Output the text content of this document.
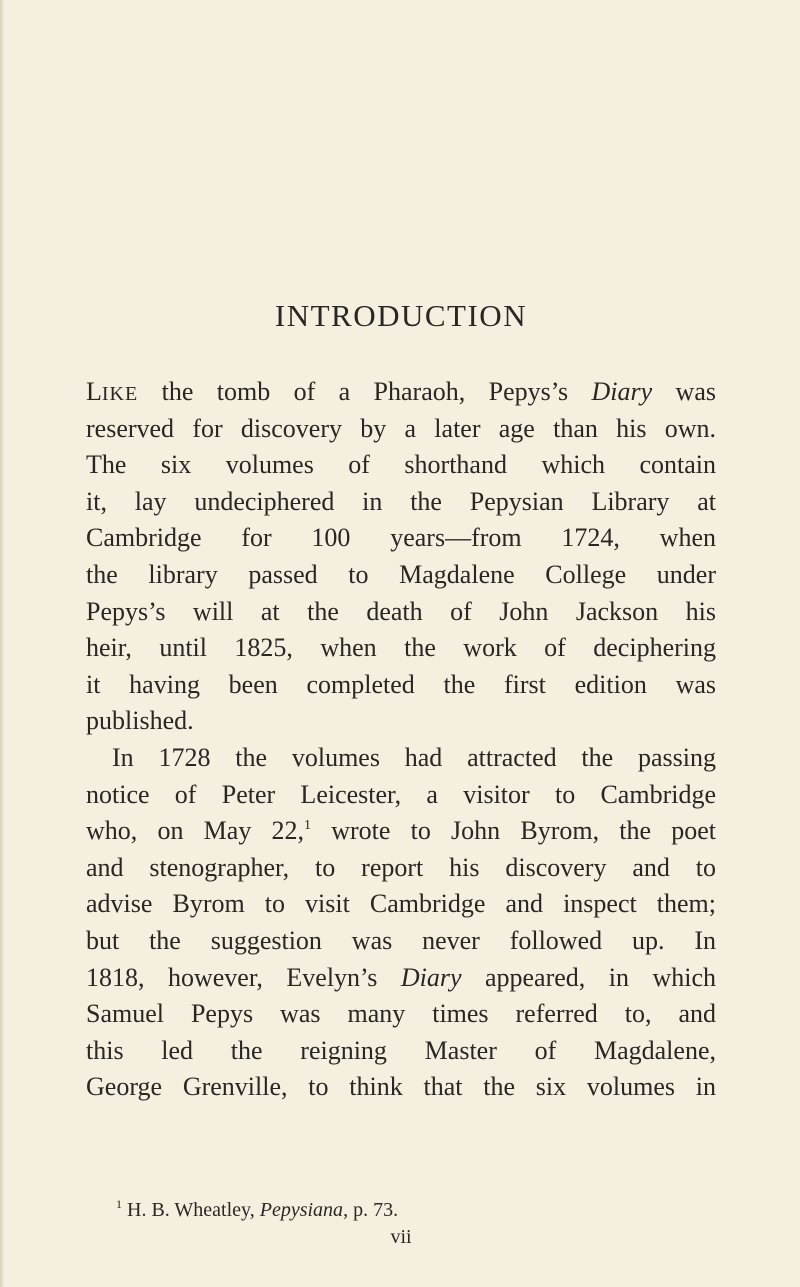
INTRODUCTION
LIKE the tomb of a Pharaoh, Pepys’s Diary was
reserved for discovery by a later age than his own.
The six volumes of shorthand which contain
it, lay undeciphered in the Pepysian Library at
Cambridge for 100 years—from 1724, when
the library passed to Magdalene College under
Pepys’s will at the death of John Jackson his
heir, until 1825, when the work of deciphering
it having been completed the first edition was
published.
In 1728 the volumes had attracted the passing
notice of Peter Leicester, a visitor to Cambridge
who, on May 22,$^1$ wrote to John Byrom, the poet
and stenographer, to report his discovery and to
advise Byrom to visit Cambridge and inspect them;
but the suggestion was never followed up. In
1818, however, Evelyn’s Diary appeared, in which
Samuel Pepys was many times referred to, and
this led the reigning Master of Magdalene,
George Grenville, to think that the six volumes in

$^1$ H. B. Wheatley, Pepysiana, p. 73.

vii
